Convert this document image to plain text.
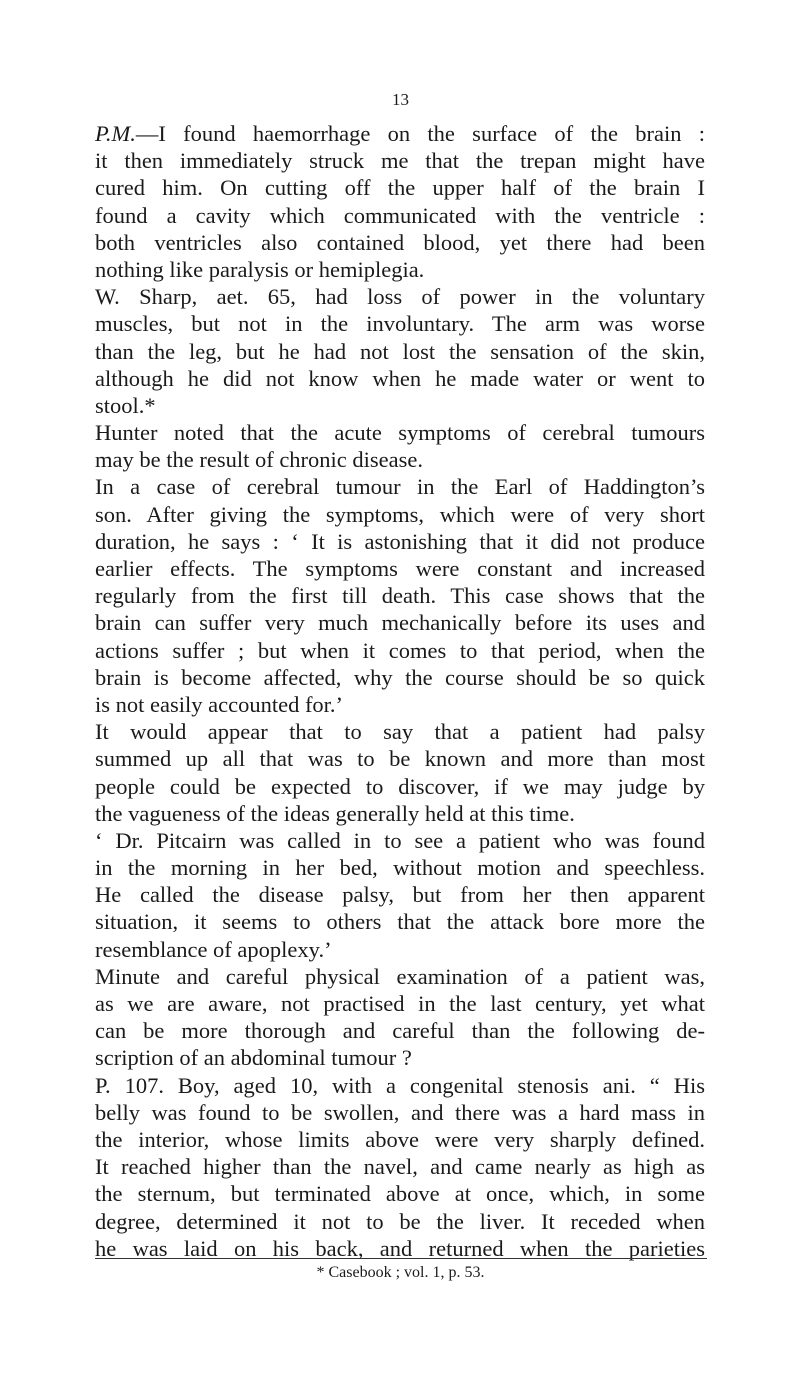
13
P.M.—I found haemorrhage on the surface of the brain :
it then immediately struck me that the trepan might have
cured him. On cutting off the upper half of the brain I
found a cavity which communicated with the ventricle :
both ventricles also contained blood, yet there had been
nothing like paralysis or hemiplegia.
W. Sharp, aet. 65, had loss of power in the voluntary
muscles, but not in the involuntary. The arm was worse
than the leg, but he had not lost the sensation of the skin,
although he did not know when he made water or went to
stool.*
Hunter noted that the acute symptoms of cerebral tumours
may be the result of chronic disease.
In a case of cerebral tumour in the Earl of Haddington’s
son. After giving the symptoms, which were of very short
duration, he says : ‘ It is astonishing that it did not produce
earlier effects. The symptoms were constant and increased
regularly from the first till death. This case shows that the
brain can suffer very much mechanically before its uses and
actions suffer ; but when it comes to that period, when the
brain is become affected, why the course should be so quick
is not easily accounted for.’
It would appear that to say that a patient had palsy
summed up all that was to be known and more than most
people could be expected to discover, if we may judge by
the vagueness of the ideas generally held at this time.
‘ Dr. Pitcairn was called in to see a patient who was found
in the morning in her bed, without motion and speechless.
He called the disease palsy, but from her then apparent
situation, it seems to others that the attack bore more the
resemblance of apoplexy.’
Minute and careful physical examination of a patient was,
as we are aware, not practised in the last century, yet what
can be more thorough and careful than the following de-
scription of an abdominal tumour ?
P. 107. Boy, aged 10, with a congenital stenosis ani. “ His
belly was found to be swollen, and there was a hard mass in
the interior, whose limits above were very sharply defined.
It reached higher than the navel, and came nearly as high as
the sternum, but terminated above at once, which, in some
degree, determined it not to be the liver. It receded when
he was laid on his back, and returned when the parieties
* Casebook ; vol. 1, p. 53.
